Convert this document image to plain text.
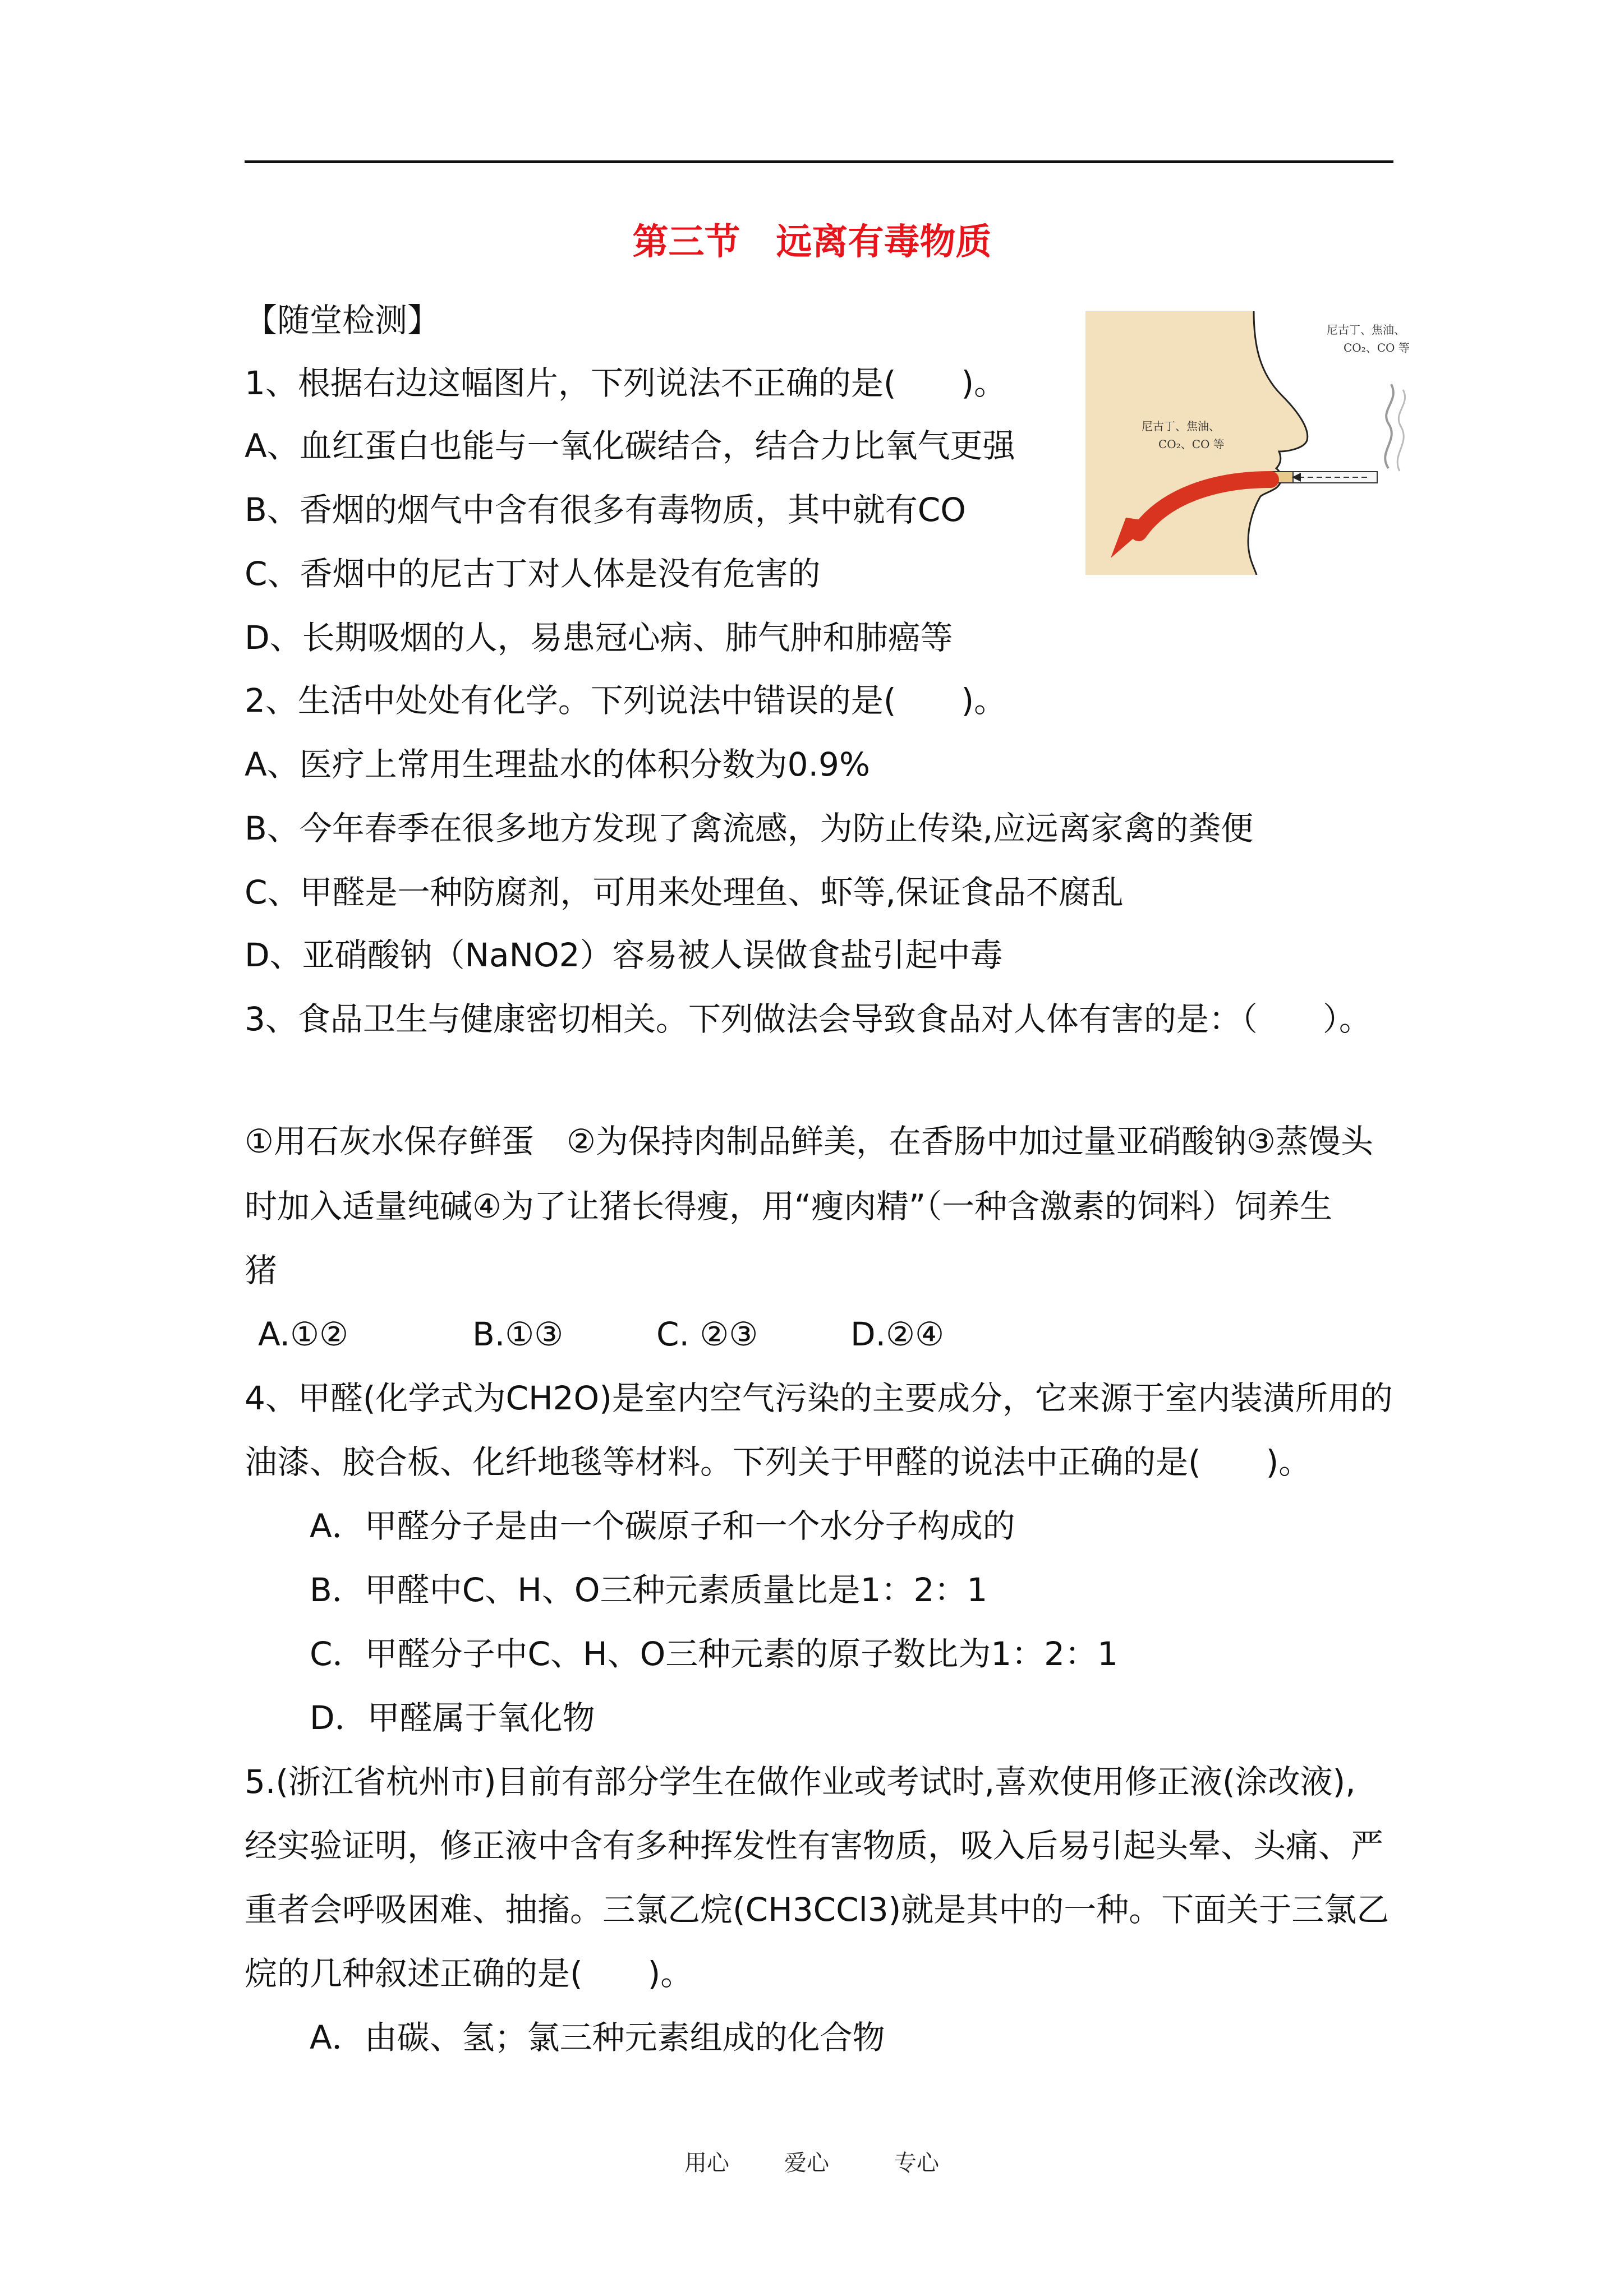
第三节　远离有毒物质
【随堂检测】
1、根据右边这幅图片，下列说法不正确的是(　　)。
A、血红蛋白也能与一氧化碳结合，结合力比氧气更强
B、香烟的烟气中含有很多有毒物质，其中就有CO
C、香烟中的尼古丁对人体是没有危害的
D、长期吸烟的人，易患冠心病、肺气肿和肺癌等
2、生活中处处有化学。下列说法中错误的是(　　)。
A、医疗上常用生理盐水的体积分数为0.9%
B、今年春季在很多地方发现了禽流感，为防止传染,应远离家禽的粪便
C、甲醛是一种防腐剂，可用来处理鱼、虾等,保证食品不腐乱
D、亚硝酸钠（NaNO2）容易被人误做食盐引起中毒
3、食品卫生与健康密切相关。下列做法会导致食品对人体有害的是：（　　）。
①用石灰水保存鲜蛋　②为保持肉制品鲜美，在香肠中加过量亚硝酸钠③蒸馒头
时加入适量纯碱④为了让猪长得瘦，用“瘦肉精”（一种含激素的饲料）饲养生
猪
A.①②	B.①③	C. ②③	D.②④
4、甲醛(化学式为CH2O)是室内空气污染的主要成分，它来源于室内装潢所用的
油漆、胶合板、化纤地毯等材料。下列关于甲醛的说法中正确的是(　　)。
A．甲醛分子是由一个碳原子和一个水分子构成的
B．甲醛中C、H、O三种元素质量比是1：2：1
C．甲醛分子中C、H、O三种元素的原子数比为1：2：1
D．甲醛属于氧化物
5.(浙江省杭州市)目前有部分学生在做作业或考试时,喜欢使用修正液(涂改液),
经实验证明，修正液中含有多种挥发性有害物质，吸入后易引起头晕、头痛、严
重者会呼吸困难、抽搐。三氯乙烷(CH3CCl3)就是其中的一种。下面关于三氯乙
烷的几种叙述正确的是(　　)。
A．由碳、氢；氯三种元素组成的化合物
尼古丁、焦油、
CO₂、CO 等
尼古丁、焦油、
CO₂、CO 等
用心 爱心	专心
